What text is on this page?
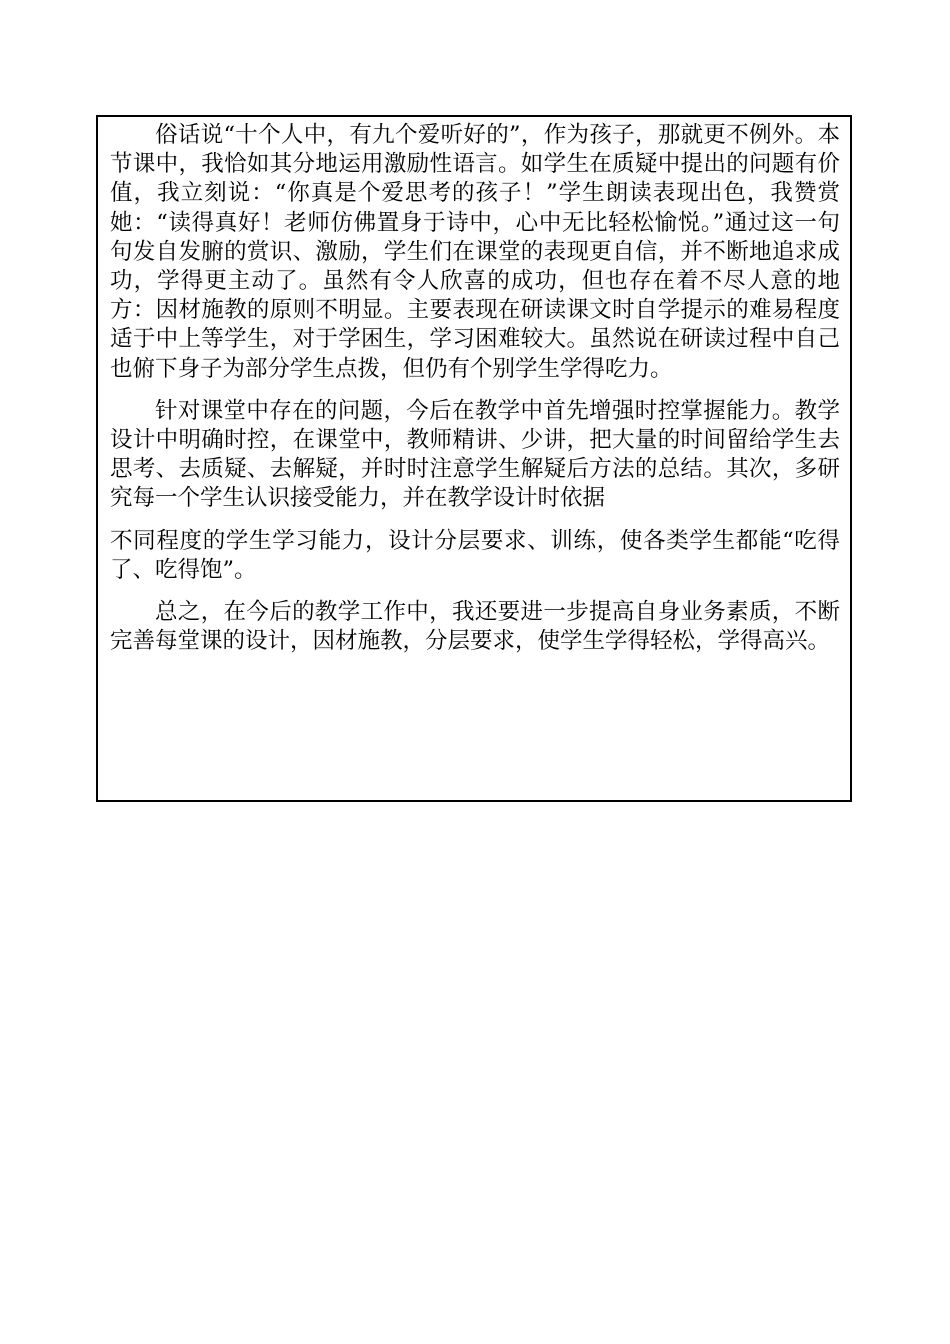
俗话说“十个人中，有九个爱听好的”，作为孩子，那就更不例外。本节课中，我恰如其分地运用激励性语言。如学生在质疑中提出的问题有价值，我立刻说：“你真是个爱思考的孩子！”学生朗读表现出色，我赞赏她：“读得真好！老师仿佛置身于诗中，心中无比轻松愉悦。”通过这一句句发自发腑的赏识、激励，学生们在课堂的表现更自信，并不断地追求成功，学得更主动了。虽然有令人欣喜的成功，但也存在着不尽人意的地方：因材施教的原则不明显。主要表现在研读课文时自学提示的难易程度适于中上等学生，对于学困生，学习困难较大。虽然说在研读过程中自己也俯下身子为部分学生点拨，但仍有个别学生学得吃力。

针对课堂中存在的问题，今后在教学中首先增强时控掌握能力。教学设计中明确时控，在课堂中，教师精讲、少讲，把大量的时间留给学生去思考、去质疑、去解疑，并时时注意学生解疑后方法的总结。其次，多研究每一个学生认识接受能力，并在教学设计时依据

不同程度的学生学习能力，设计分层要求、训练，使各类学生都能“吃得了、吃得饱”。

总之，在今后的教学工作中，我还要进一步提高自身业务素质，不断完善每堂课的设计，因材施教，分层要求，使学生学得轻松，学得高兴。
